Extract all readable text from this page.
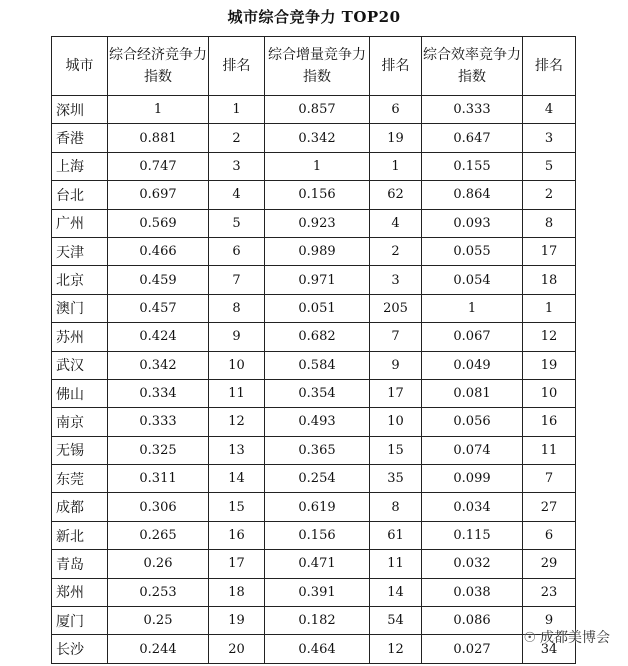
城市综合竞争力 TOP20
城市	综合经济竞争力指数	排名	综合增量竞争力指数	排名	综合效率竞争力指数	排名
深圳	1	1	0.857	6	0.333	4
香港	0.881	2	0.342	19	0.647	3
上海	0.747	3	1	1	0.155	5
台北	0.697	4	0.156	62	0.864	2
广州	0.569	5	0.923	4	0.093	8
天津	0.466	6	0.989	2	0.055	17
北京	0.459	7	0.971	3	0.054	18
澳门	0.457	8	0.051	205	1	1
苏州	0.424	9	0.682	7	0.067	12
武汉	0.342	10	0.584	9	0.049	19
佛山	0.334	11	0.354	17	0.081	10
南京	0.333	12	0.493	10	0.056	16
无锡	0.325	13	0.365	15	0.074	11
东莞	0.311	14	0.254	35	0.099	7
成都	0.306	15	0.619	8	0.034	27
新北	0.265	16	0.156	61	0.115	6
青岛	0.26	17	0.471	11	0.032	29
郑州	0.253	18	0.391	14	0.038	23
厦门	0.25	19	0.182	54	0.086	9
长沙	0.244	20	0.464	12	0.027	34
☉ 成都美博会
